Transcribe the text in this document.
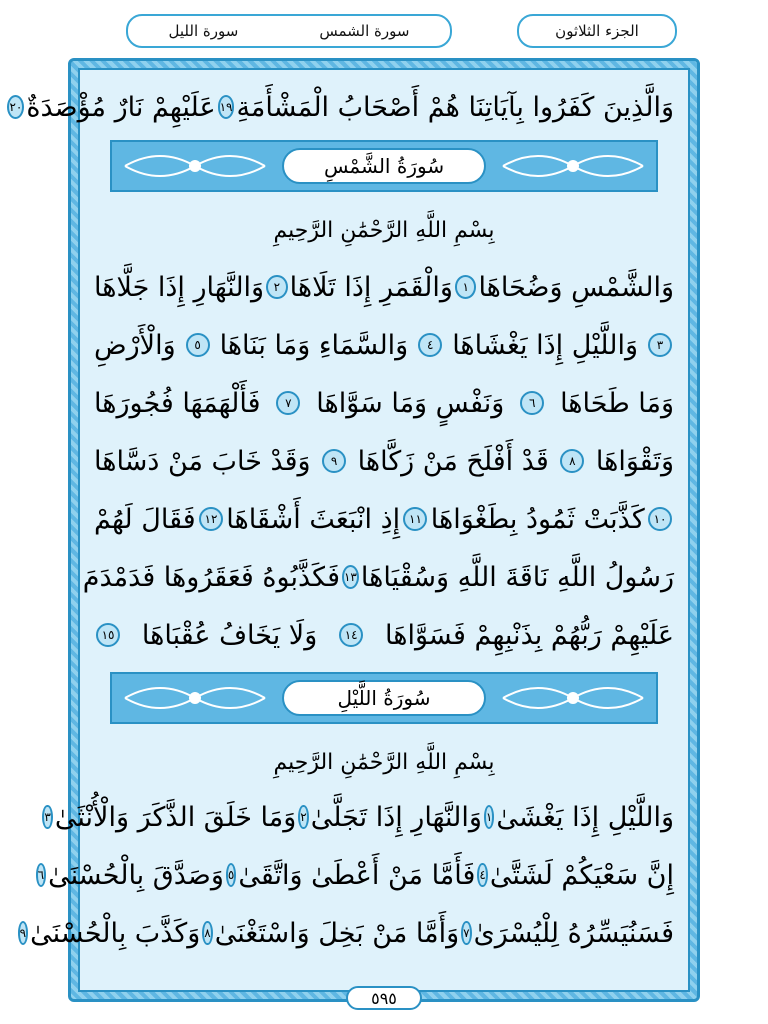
سورة الشمس
سورة الليل	الجزء الثلاثون
وَالَّذِينَ كَفَرُوا بِآيَاتِنَا هُمْ أَصْحَابُ الْمَشْأَمَةِ
١٩
عَلَيْهِمْ نَارٌ مُؤْصَدَةٌ
٢٠
سُورَةُ الشَّمْسِ
بِسْمِ اللَّهِ الرَّحْمَٰنِ الرَّحِيمِ
وَالشَّمْسِ وَضُحَاهَا
١
وَالْقَمَرِ إِذَا تَلَاهَا
٢
وَالنَّهَارِ إِذَا جَلَّاهَا
٣
وَاللَّيْلِ إِذَا يَغْشَاهَا
٤
وَالسَّمَاءِ وَمَا بَنَاهَا
٥
وَالْأَرْضِ
وَمَا طَحَاهَا
٦
وَنَفْسٍ وَمَا سَوَّاهَا
٧
فَأَلْهَمَهَا فُجُورَهَا
وَتَقْوَاهَا
٨
قَدْ أَفْلَحَ مَنْ زَكَّاهَا
٩
وَقَدْ خَابَ مَنْ دَسَّاهَا
١٠
كَذَّبَتْ ثَمُودُ بِطَغْوَاهَا
١١
إِذِ انْبَعَثَ أَشْقَاهَا
١٢
فَقَالَ لَهُمْ
رَسُولُ اللَّهِ نَاقَةَ اللَّهِ وَسُقْيَاهَا
١٣
فَكَذَّبُوهُ فَعَقَرُوهَا فَدَمْدَمَ
عَلَيْهِمْ رَبُّهُمْ بِذَنْبِهِمْ فَسَوَّاهَا
١٤
وَلَا يَخَافُ عُقْبَاهَا
١٥
سُورَةُ اللَّيْلِ
بِسْمِ اللَّهِ الرَّحْمَٰنِ الرَّحِيمِ
وَاللَّيْلِ إِذَا يَغْشَىٰ
١
وَالنَّهَارِ إِذَا تَجَلَّىٰ
٢
وَمَا خَلَقَ الذَّكَرَ وَالْأُنْثَىٰ
٣
إِنَّ سَعْيَكُمْ لَشَتَّىٰ
٤
فَأَمَّا مَنْ أَعْطَىٰ وَاتَّقَىٰ
٥
وَصَدَّقَ بِالْحُسْنَىٰ
٦
فَسَنُيَسِّرُهُ لِلْيُسْرَىٰ
٧
وَأَمَّا مَنْ بَخِلَ وَاسْتَغْنَىٰ
٨
وَكَذَّبَ بِالْحُسْنَىٰ
٩
٥٩٥
